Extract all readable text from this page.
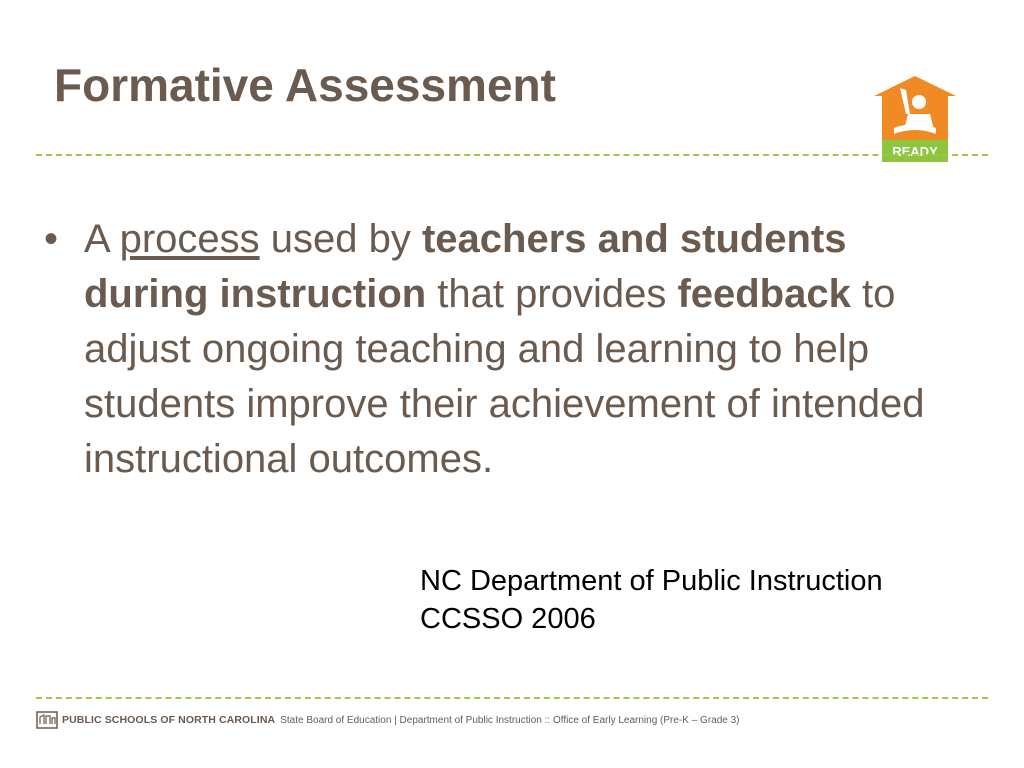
Formative Assessment
READY
• A process used by teachers and students during instruction that provides feedback to adjust ongoing teaching and learning to help students improve their achievement of intended instructional outcomes.
NC Department of Public Instruction
CCSSO 2006
PUBLIC SCHOOLS OF NORTH CAROLINA State Board of Education | Department of Public Instruction :: Office of Early Learning (Pre-K – Grade 3)
